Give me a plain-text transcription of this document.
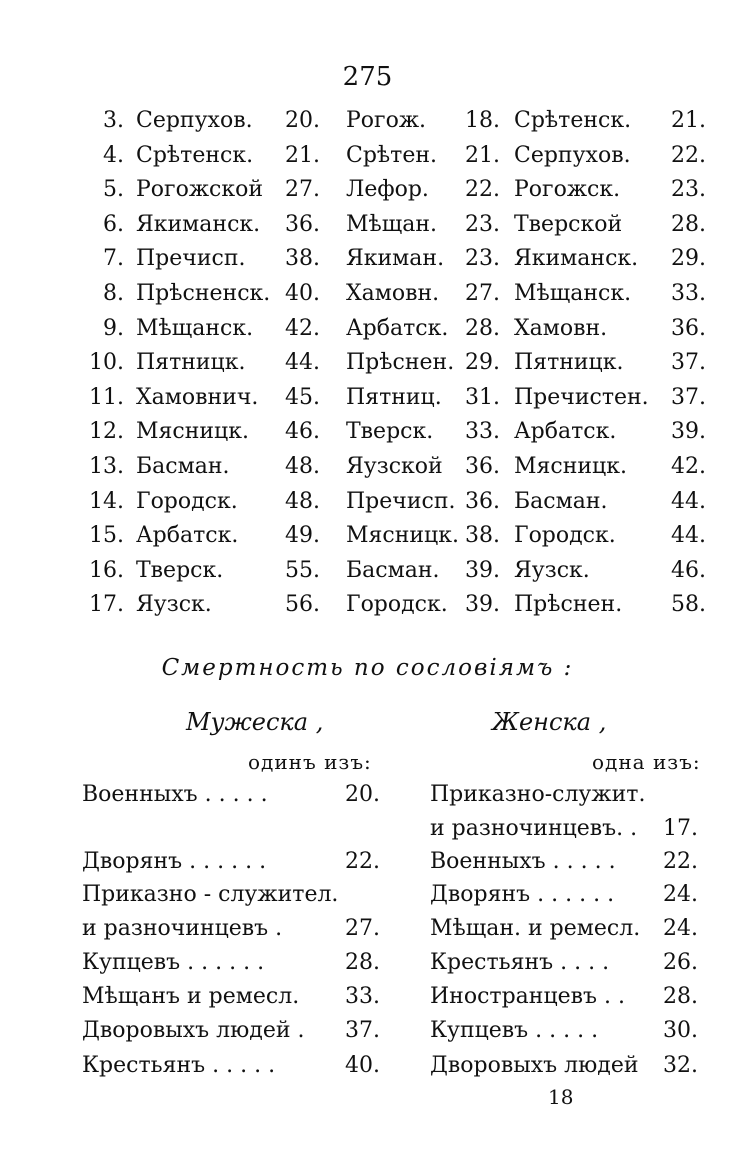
275
3. Серпухов.	20. Рогож.	18. Срѣтенск.	21.
4. Срѣтенск.	21. Срѣтен.	21. Серпухов.	22.
5. Рогожской 27. Лефор.	22. Рогожск.	23.
6. Якиманск.	36. Мѣщан.	23. Тверской	28.
7. Пречисп.	38. Якиман. 23. Якиманск.	29.
8. Прѣсненск. 40. Хамовн.	27. Мѣщанск.	33.
9. Мѣщанск.	42. Арбатск. 28. Хамовн.	36.
10. Пятницк.	44. Прѣснен. 29. Пятницк.	37.
11. Хамовнич.	45. Пятниц.	31. Пречистен.	37.
12. Мясницк.	46. Тверск.	33. Арбатск.	39.
13. Басман.	48. Яузской	36. Мясницк.	42.
14. Городск.	48. Пречисп. 36. Басман.	44.
15. Арбатск.	49. Мясницк. 38. Городск.	44.
16. Тверск.	55. Басман.	39. Яузск.	46.
17. Яузск.	56. Городск. 39. Прѣснен.	58.
Смертность по сословіямъ :
Мужеска ,
одинъ изъ:
Военныхъ . . . . .	20.
Дворянъ . . . . . .	22.
Приказно - служител.
и разночинцевъ .	27.
Купцевъ . . . . . .	28.
Мѣщанъ и ремесл. 33.
Дворовыхъ людей . 37.
Крестьянъ . . . . .	40.
Женска ,
одна изъ:
Приказно-служит.
и разночинцевъ. . 17.
Военныхъ . . . . . 22.
Дворянъ . . . . . . 24.
Мѣщан. и ремесл. 24.
Крестьянъ . . . . 26.
Иностранцевъ . . 28.
Купцевъ . . . . .	30.
Дворовыхъ людей 32.
18
